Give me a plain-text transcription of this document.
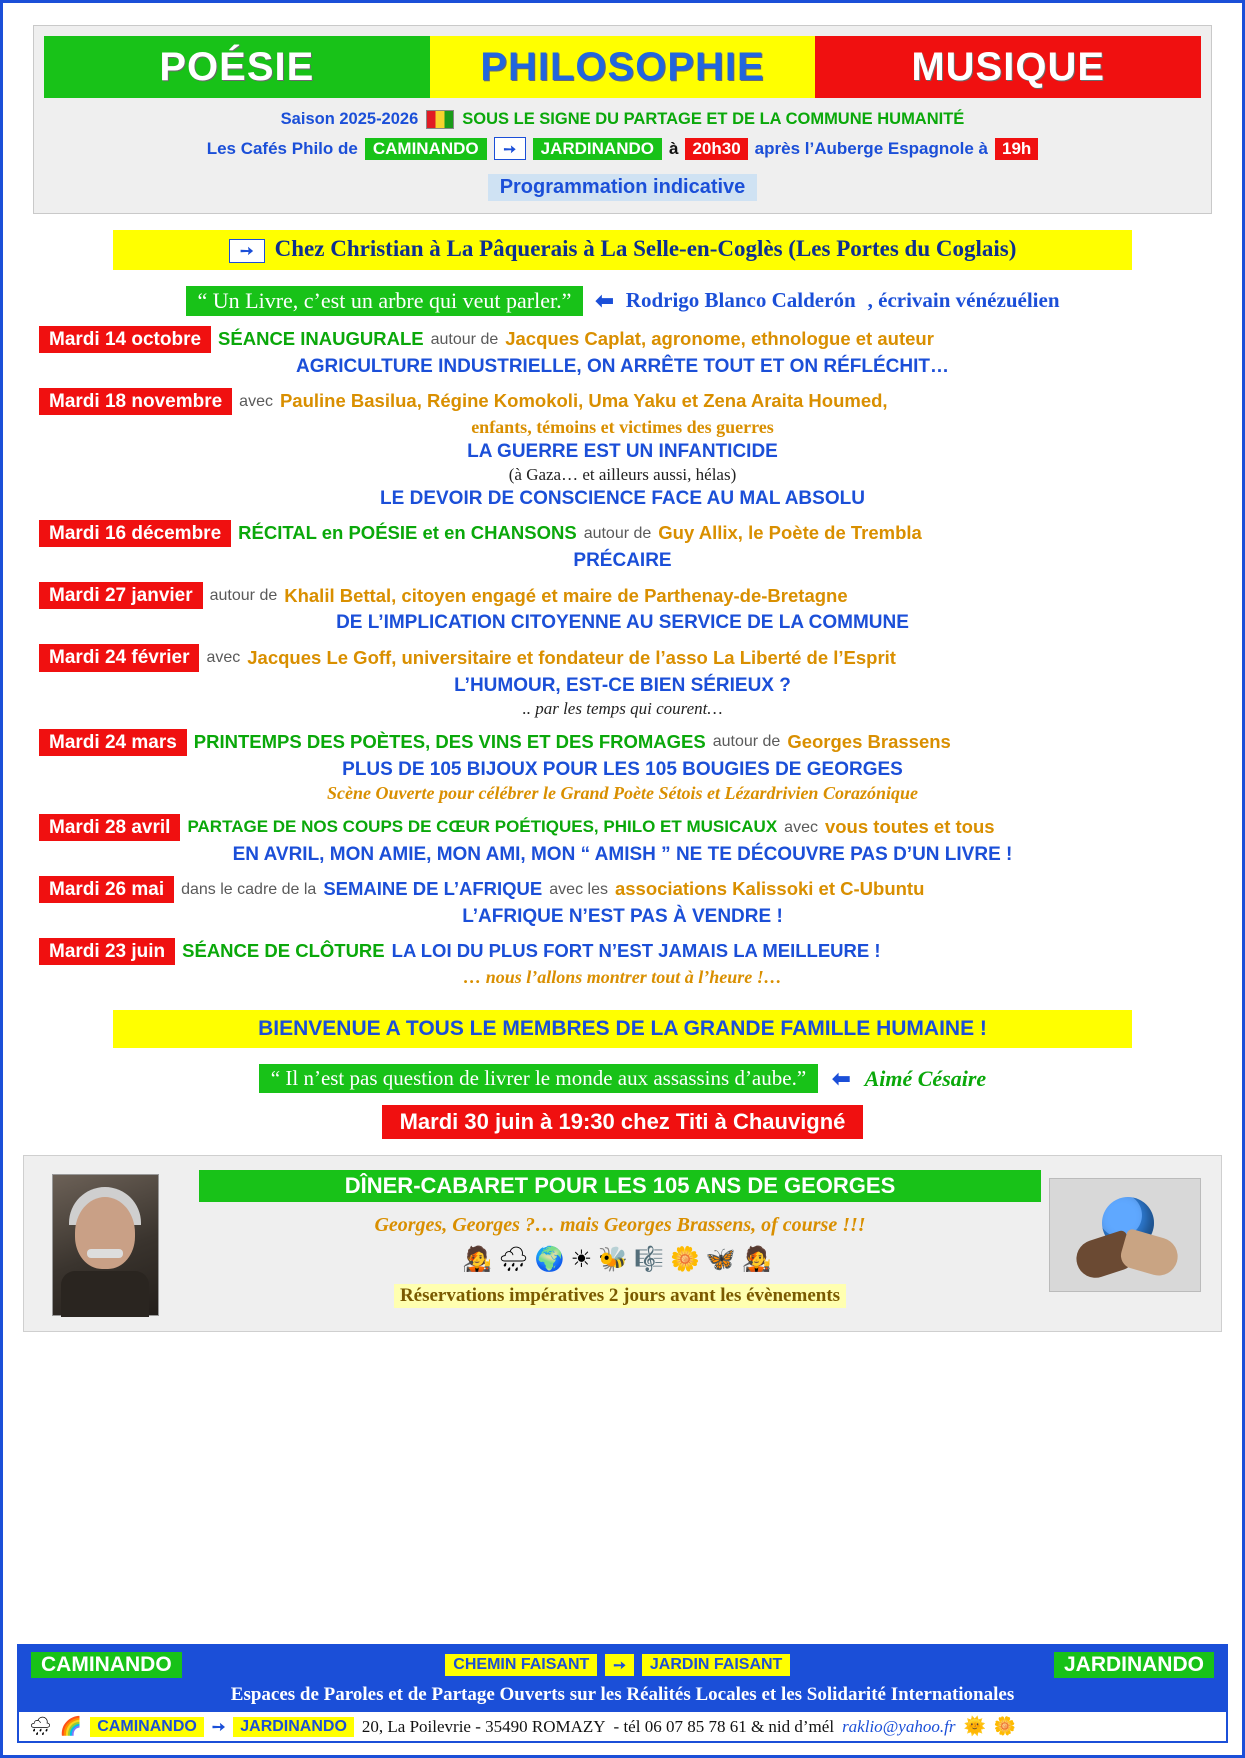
POÉSIE	PHILOSOPHIE	MUSIQUE
Saison 2025-2026	SOUS LE SIGNE DU PARTAGE ET DE LA COMMUNE HUMANITÉ
Les Cafés Philo de CAMINANDO	➙	JARDINANDO à 20h30 après l’Auberge Espagnole à 19h
Programmation indicative
➙ Chez Christian à La Pâquerais à La Selle-en-Coglès (Les Portes du Coglais)
“ Un Livre, c’est un arbre qui veut parler.”	⬅ Rodrigo Blanco Calderón , écrivain vénézuélien
Mardi 14 octobre SÉANCE INAUGURALE autour de Jacques Caplat, agronome, ethnologue et auteur
AGRICULTURE INDUSTRIELLE, ON ARRÊTE TOUT ET ON RÉFLÉCHIT…
Mardi 18 novembre	avec Pauline Basilua, Régine Komokoli, Uma Yaku et Zena Araita Houmed,
enfants, témoins et victimes des guerres
LA GUERRE EST UN INFANTICIDE
(à Gaza… et ailleurs aussi, hélas)
LE DEVOIR DE CONSCIENCE FACE AU MAL ABSOLU
Mardi 16 décembre RÉCITAL en POÉSIE et en CHANSONS autour de Guy Allix, le Poète de Trembla
PRÉCAIRE
Mardi 27 janvier	autour de Khalil Bettal, citoyen engagé et maire de Parthenay-de-Bretagne
DE L’IMPLICATION CITOYENNE AU SERVICE DE LA COMMUNE
Mardi 24 février	avec Jacques Le Goff, universitaire et fondateur de l’asso La Liberté de l’Esprit
L’HUMOUR, EST-CE BIEN SÉRIEUX ?
.. par les temps qui courent…
Mardi 24 mars PRINTEMPS DES POÈTES, DES VINS ET DES FROMAGES autour de Georges Brassens
PLUS DE 105 BIJOUX POUR LES 105 BOUGIES DE GEORGES
Scène Ouverte pour célébrer le Grand Poète Sétois et Lézardrivien Corazónique
Mardi 28 avril	PARTAGE DE NOS COUPS DE CŒUR POÉTIQUES, PHILO ET MUSICAUX avec vous toutes et tous
EN AVRIL, MON AMIE, MON AMI, MON “ AMISH ” NE TE DÉCOUVRE PAS D’UN LIVRE !
Mardi 26 mai	dans le cadre de la SEMAINE DE L’AFRIQUE avec les associations Kalissoki et C-Ubuntu
L’AFRIQUE N’EST PAS À VENDRE !
Mardi 23 juin SÉANCE DE CLÔTURE LA LOI DU PLUS FORT N’EST JAMAIS LA MEILLEURE !
… nous l’allons montrer tout à l’heure !…
BIENVENUE A TOUS LE MEMBRES DE LA GRANDE FAMILLE HUMAINE !
“ Il n’est pas question de livrer le monde aux assassins d’aube.”	⬅ Aimé Césaire
Mardi 30 juin à 19:30 chez Titi à Chauvigné
DÎNER-CABARET POUR LES 105 ANS DE GEORGES
Georges, Georges ?… mais Georges Brassens, of course !!!
🧑‍🎤🌧🌍☀🐝🎼🌼🦋🧑‍🎤
Réservations impératives 2 jours avant les évènements
CAMINANDO	CHEMIN FAISANT	➙	JARDIN FAISANT	JARDINANDO
Espaces de Paroles et de Partage Ouverts sur les Réalités Locales et les Solidarité Internationales
🌧 🌈 CAMINANDO ➙ JARDINANDO 20, La Poilevrie - 35490 ROMAZY - tél 06 07 85 78 61 & nid d’mél raklio@yahoo.fr 🌞 🌼
